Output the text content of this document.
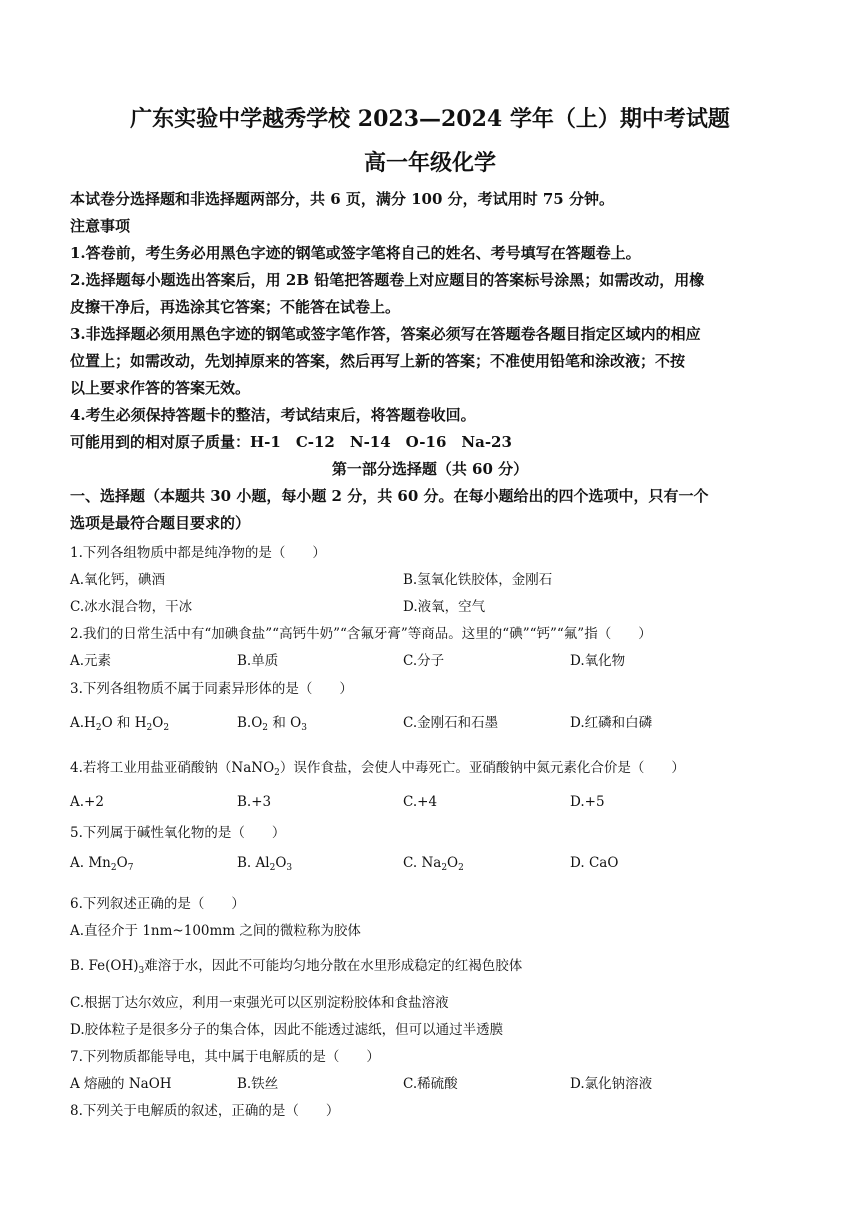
广东实验中学越秀学校 2023—2024 学年（上）期中考试题
高一年级化学
本试卷分选择题和非选择题两部分，共 6 页，满分 100 分，考试用时 75 分钟。
注意事项
1.答卷前，考生务必用黑色字迹的钢笔或签字笔将自己的姓名、考号填写在答题卷上。
2.选择题每小题选出答案后，用 2B 铅笔把答题卷上对应题目的答案标号涂黑；如需改动，用橡
皮擦干净后，再选涂其它答案；不能答在试卷上。
3.非选择题必须用黑色字迹的钢笔或签字笔作答，答案必须写在答题卷各题目指定区域内的相应
位置上；如需改动，先划掉原来的答案，然后再写上新的答案；不准使用铅笔和涂改液；不按
以上要求作答的答案无效。
4.考生必须保持答题卡的整洁，考试结束后，将答题卷收回。
可能用到的相对原子质量：H-1　C-12　N-14　O-16　Na-23
第一部分选择题（共 60 分）
一、选择题（本题共 30 小题，每小题 2 分，共 60 分。在每小题给出的四个选项中，只有一个
选项是最符合题目要求的）
1.下列各组物质中都是纯净物的是（　　）
A.氧化钙，碘酒	B.氢氧化铁胶体，金刚石
C.冰水混合物，干冰	D.液氧，空气
2.我们的日常生活中有“加碘食盐”“高钙牛奶”“含氟牙膏”等商品。这里的“碘”“钙”“氟”指（　　）
A.元素	B.单质	C.分子	D.氧化物
3.下列各组物质不属于同素异形体的是（　　）
$A.H_2O$ 和 $H_2O_2$	$B.O_2$ 和 $O_3$	C.金刚石和石墨	D.红磷和白磷
4.若将工业用盐亚硝酸钠（NaNO$_2$）误作食盐，会使人中毒死亡。亚硝酸钠中氮元素化合价是（　　）
A.+2	B.+3	C.+4	D.+5
5.下列属于碱性氧化物的是（　　）
A. $Mn_2O_7$	B. $Al_2O_3$	C. $Na_2O_2$	D. CaO
6.下列叙述正确的是（　　）
A.直径介于 1nm~100mm 之间的微粒称为胶体
B. $Fe(OH)_3$难溶于水，因此不可能均匀地分散在水里形成稳定的红褐色胶体
C.根据丁达尔效应，利用一束强光可以区别淀粉胶体和食盐溶液
D.胶体粒子是很多分子的集合体，因此不能透过滤纸，但可以通过半透膜
7.下列物质都能导电，其中属于电解质的是（　　）
A 熔融的 NaOH	B.铁丝	C.稀硫酸	D.氯化钠溶液
8.下列关于电解质的叙述，正确的是（　　）
